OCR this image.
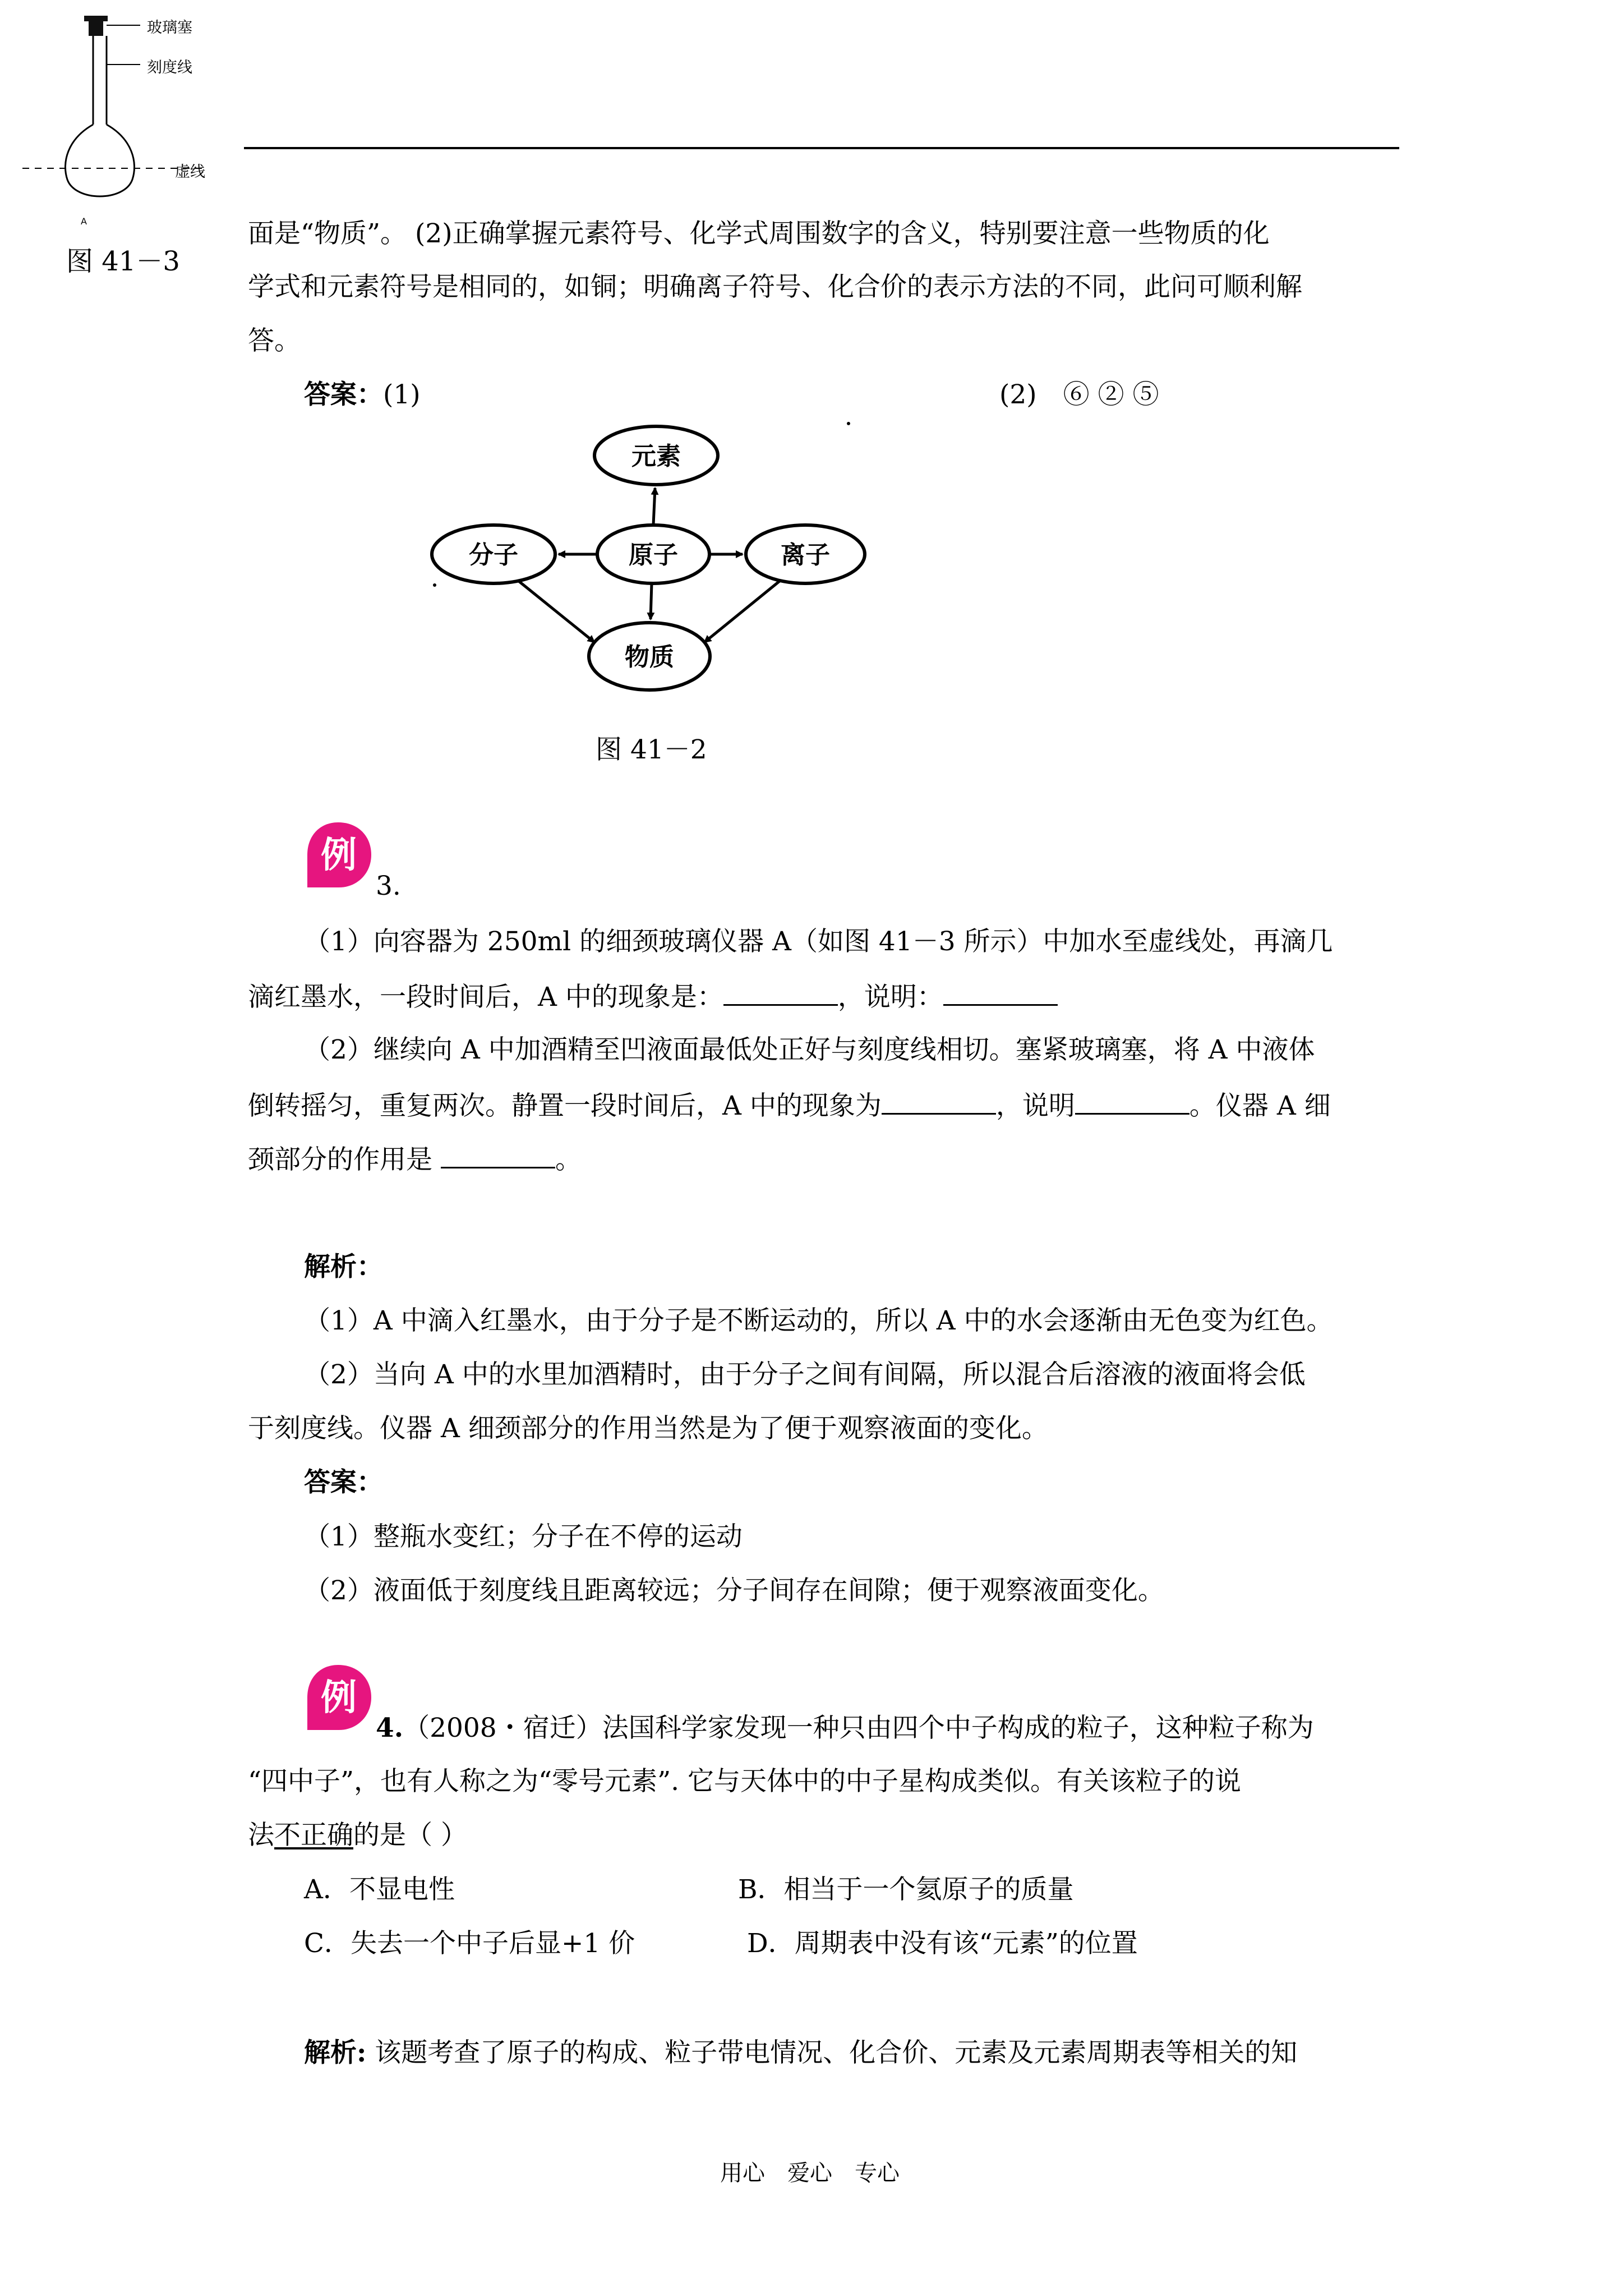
玻璃塞
刻度线
虚线
A
图 41－3
面是“物质”。 (2)正确掌握元素符号、化学式周围数字的含义，特别要注意一些物质的化
学式和元素符号是相同的，如铜；明确离子符号、化合价的表示方法的不同，此问可顺利解
答。
答案：(1)	(2)　⑥ ② ⑤
元素
分子	原子	离子
物质
图 41－2
例
3.
（1）向容器为 250ml 的细颈玻璃仪器 A（如图 41－3 所示）中加水至虚线处，再滴几
滴红墨水，一段时间后，A 中的现象是：	，说明：
（2）继续向 A 中加酒精至凹液面最低处正好与刻度线相切。塞紧玻璃塞，将 A 中液体
倒转摇匀，重复两次。静置一段时间后，A 中的现象为	，说明	。仪器 A 细
颈部分的作用是	。
解析：
（1）A 中滴入红墨水，由于分子是不断运动的，所以 A 中的水会逐渐由无色变为红色。
（2）当向 A 中的水里加酒精时，由于分子之间有间隔，所以混合后溶液的液面将会低
于刻度线。仪器 A 细颈部分的作用当然是为了便于观察液面的变化。
答案：
（1）整瓶水变红；分子在不停的运动
（2）液面低于刻度线且距离较远；分子间存在间隙；便于观察液面变化。
例
4.（2008・宿迁）法国科学家发现一种只由四个中子构成的粒子，这种粒子称为
“四中子”，也有人称之为“零号元素”. 它与天体中的中子星构成类似。有关该粒子的说
法不正确的是（ ）
A．不显电性	B．相当于一个氦原子的质量
C．失去一个中子后显+1 价	D．周期表中没有该“元素”的位置
解析: 该题考查了原子的构成、粒子带电情况、化合价、元素及元素周期表等相关的知
用心　爱心　专心
